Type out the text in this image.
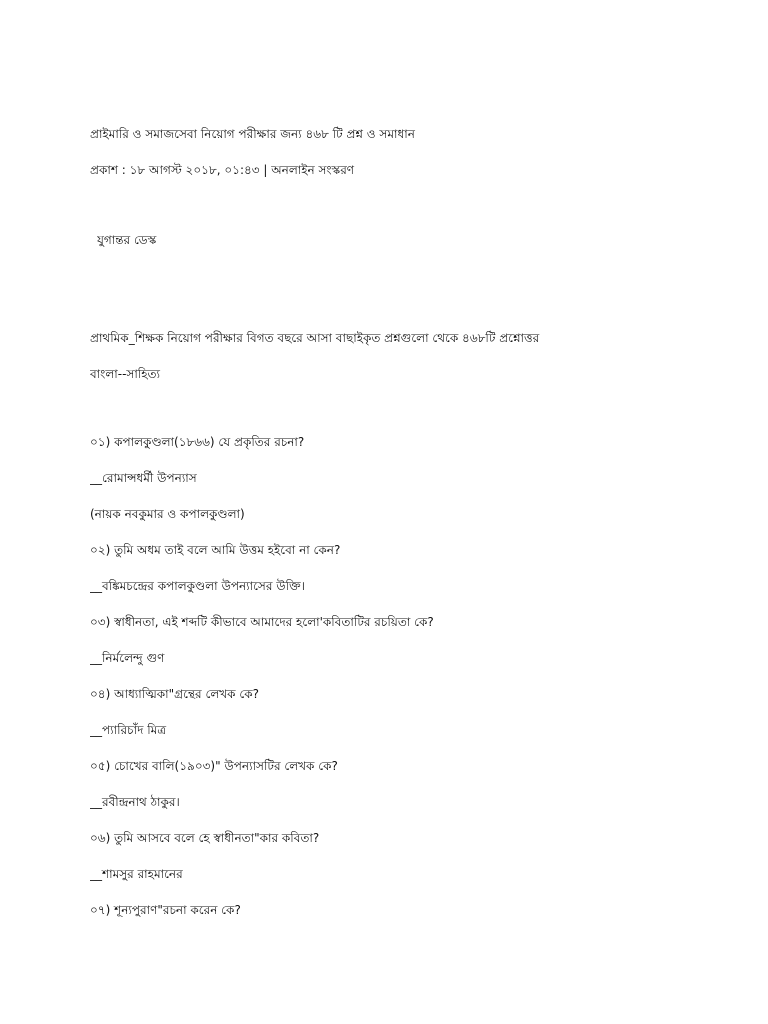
প্রাইমারি ও সমাজসেবা নিয়োগ পরীক্ষার জন্য ৪৬৮ টি প্রশ্ন ও সমাধান
প্রকাশ : ১৮ আগস্ট ২০১৮, ০১:৪৩ | অনলাইন সংস্করণ
যুগান্তর ডেস্ক
প্রাথমিক_শিক্ষক নিয়োগ পরীক্ষার বিগত বছরে আসা বাছাইকৃত প্রশ্নগুলো থেকে ৪৬৮টি প্রশ্নোত্তর
বাংলা--সাহিত্য
০১) কপালকুণ্ডলা(১৮৬৬) যে প্রকৃতির রচনা?
__রোমান্সধর্মী উপন্যাস
(নায়ক নবকুমার ও কপালকুণ্ডলা)
০২) তুমি অধম তাই বলে আমি উত্তম হইবো না কেন?
__বঙ্কিমচন্দ্রের কপালকুণ্ডলা উপন্যাসের উক্তি।
০৩) স্বাধীনতা, এই শব্দটি কীভাবে আমাদের হলো'কবিতাটির রচয়িতা কে?
__নির্মলেন্দু গুণ
০৪) আধ্যাত্মিকা"গ্রন্থের লেখক কে?
__প্যারিচাঁদ মিত্র
০৫) চোখের বালি(১৯০৩)" উপন্যাসটির লেখক কে?
__রবীন্দ্রনাথ ঠাকুর।
০৬) তুমি আসবে বলে হে স্বাধীনতা"কার কবিতা?
__শামসুর রাহমানের
০৭) শূন্যপুরাণ"রচনা করেন কে?
